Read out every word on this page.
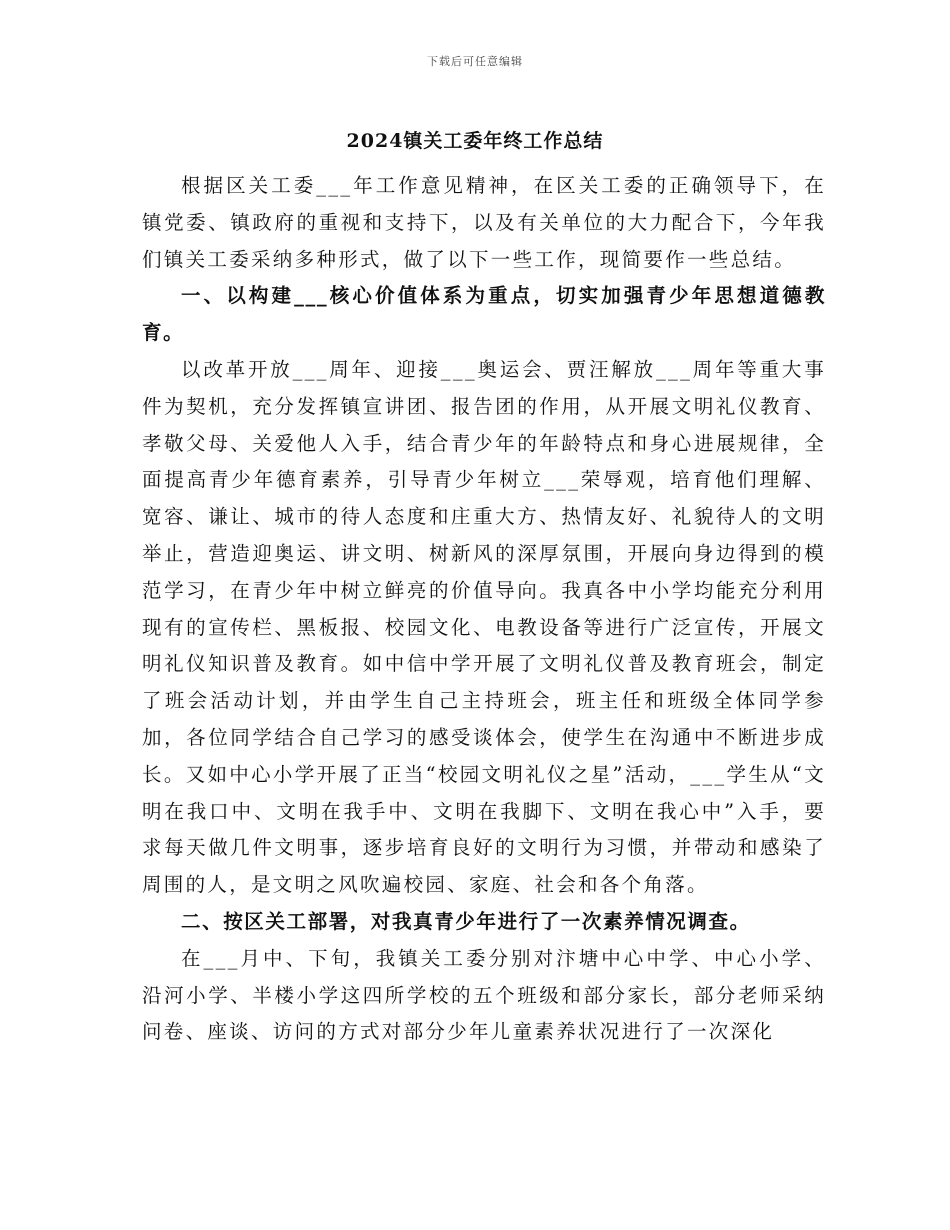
下载后可任意编辑
2024镇关工委年终工作总结

根据区关工委___年工作意见精神，在区关工委的正确领导下，在镇党委、镇政府的重视和支持下，以及有关单位的大力配合下，今年我们镇关工委采纳多种形式，做了以下一些工作，现简要作一些总结。

一、以构建___核心价值体系为重点，切实加强青少年思想道德教育。

以改革开放___周年、迎接___奥运会、贾汪解放___周年等重大事件为契机，充分发挥镇宣讲团、报告团的作用，从开展文明礼仪教育、孝敬父母、关爱他人入手，结合青少年的年龄特点和身心进展规律，全面提高青少年德育素养，引导青少年树立___荣辱观，培育他们理解、宽容、谦让、城市的待人态度和庄重大方、热情友好、礼貌待人的文明举止，营造迎奥运、讲文明、树新风的深厚氛围，开展向身边得到的模范学习，在青少年中树立鲜亮的价值导向。我真各中小学均能充分利用现有的宣传栏、黑板报、校园文化、电教设备等进行广泛宣传，开展文明礼仪知识普及教育。如中信中学开展了文明礼仪普及教育班会，制定了班会活动计划，并由学生自己主持班会，班主任和班级全体同学参加，各位同学结合自己学习的感受谈体会，使学生在沟通中不断进步成长。又如中心小学开展了正当“校园文明礼仪之星”活动，___学生从“文明在我口中、文明在我手中、文明在我脚下、文明在我心中”入手，要求每天做几件文明事，逐步培育良好的文明行为习惯，并带动和感染了周围的人，是文明之风吹遍校园、家庭、社会和各个角落。

二、按区关工部署，对我真青少年进行了一次素养情况调查。

在___月中、下旬，我镇关工委分别对汴塘中心中学、中心小学、沿河小学、半楼小学这四所学校的五个班级和部分家长，部分老师采纳问卷、座谈、访问的方式对部分少年儿童素养状况进行了一次深化
